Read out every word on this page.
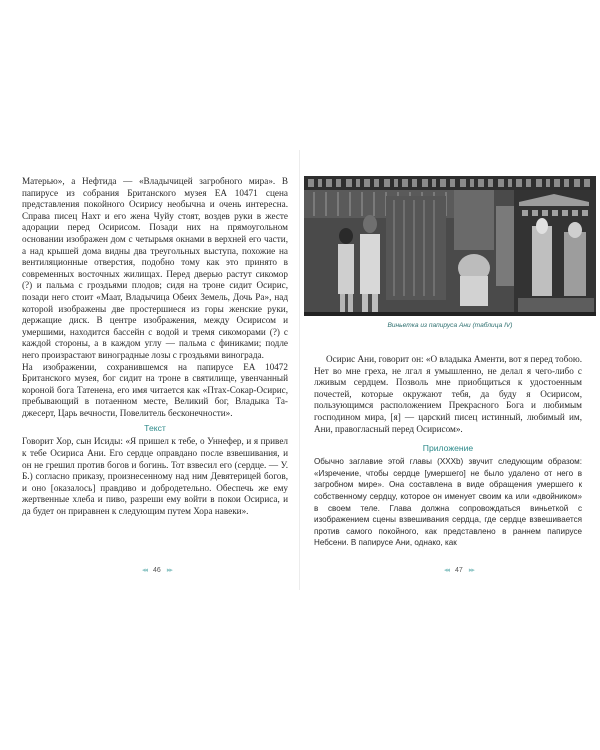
Матерью», а Нефтида — «Владычицей загробного мира». В папирусе из собрания Британского музея EA 10471 сцена представления покойного Осирису необычна и очень интересна. Справа писец Нахт и его жена Чуйу стоят, воздев руки в жесте адорации перед Осирисом. Позади них на прямоугольном основании изображен дом с четырьмя окнами в верхней его части, а над крышей дома видны два треугольных выступа, похожие на вентиляционные отверстия, подобно тому как это принято в современных восточных жилищах. Перед дверью растут сикомор (?) и пальма с гроздьями плодов; сидя на троне сидит Осирис, позади него стоит «Маат, Владычица Обеих Земель, Дочь Ра», над которой изображены две простершиеся из горы женские руки, держащие диск. В центре изображения, между Осирисом и умершими, находится бассейн с водой и тремя сикоморами (?) с каждой стороны, а в каждом углу — пальма с финиками; подле него произрастают виноградные лозы с гроздьями винограда.

На изображении, сохранившемся на папирусе EA 10472 Британского музея, бог сидит на троне в святилище, увенчанный короной бога Татенена, его имя читается как «Птах-Сокар-Осирис, пребывающий в потаенном месте, Великий бог, Владыка Та-джесерт, Царь вечности, Повелитель бесконечности».

Текст

Говорит Хор, сын Исиды: «Я пришел к тебе, о Уннефер, и я привел к тебе Осириса Ани. Его сердце оправдано после взвешивания, и он не грешил против богов и богинь. Тот взвесил его (сердце. — У. Б.) согласно приказу, произнесенному над ним Девятерицей богов, и оно [оказалось] правдиво и добродетельно. Обеспечь же ему жертвенные хлеба и пиво, разреши ему войти в покои Осириса, и да будет он приравнен к следующим путем Хора навеки».

◂◂ 46 ▸▸
Виньетка из папируса Ани (таблица IV)

Осирис Ани, говорит он: «О владыка Аменти, вот я перед тобою. Нет во мне греха, не лгал я умышленно, не делал я чего-либо с лживым сердцем. Позволь мне приобщиться к удостоенным почестей, которые окружают тебя, да буду я Осирисом, пользующимся расположением Прекрасного Бога и любимым господином мира, [я] — царский писец истинный, любимый им, Ани, правогласный перед Осирисом».

Приложение

Обычно заглавие этой главы (XXXb) звучит следующим образом: «Изречение, чтобы сердце [умершего] не было удалено от него в загробном мире». Она составлена в виде обращения умершего к собственному сердцу, которое он именует своим ка или «двойником» в своем теле. Глава должна сопровождаться виньеткой с изображением сцены взвешивания сердца, где сердце взвешивается против самого покойного, как представлено в раннем папирусе Небсени. В папирусе Ани, однако, как

◂◂ 47 ▸▸
